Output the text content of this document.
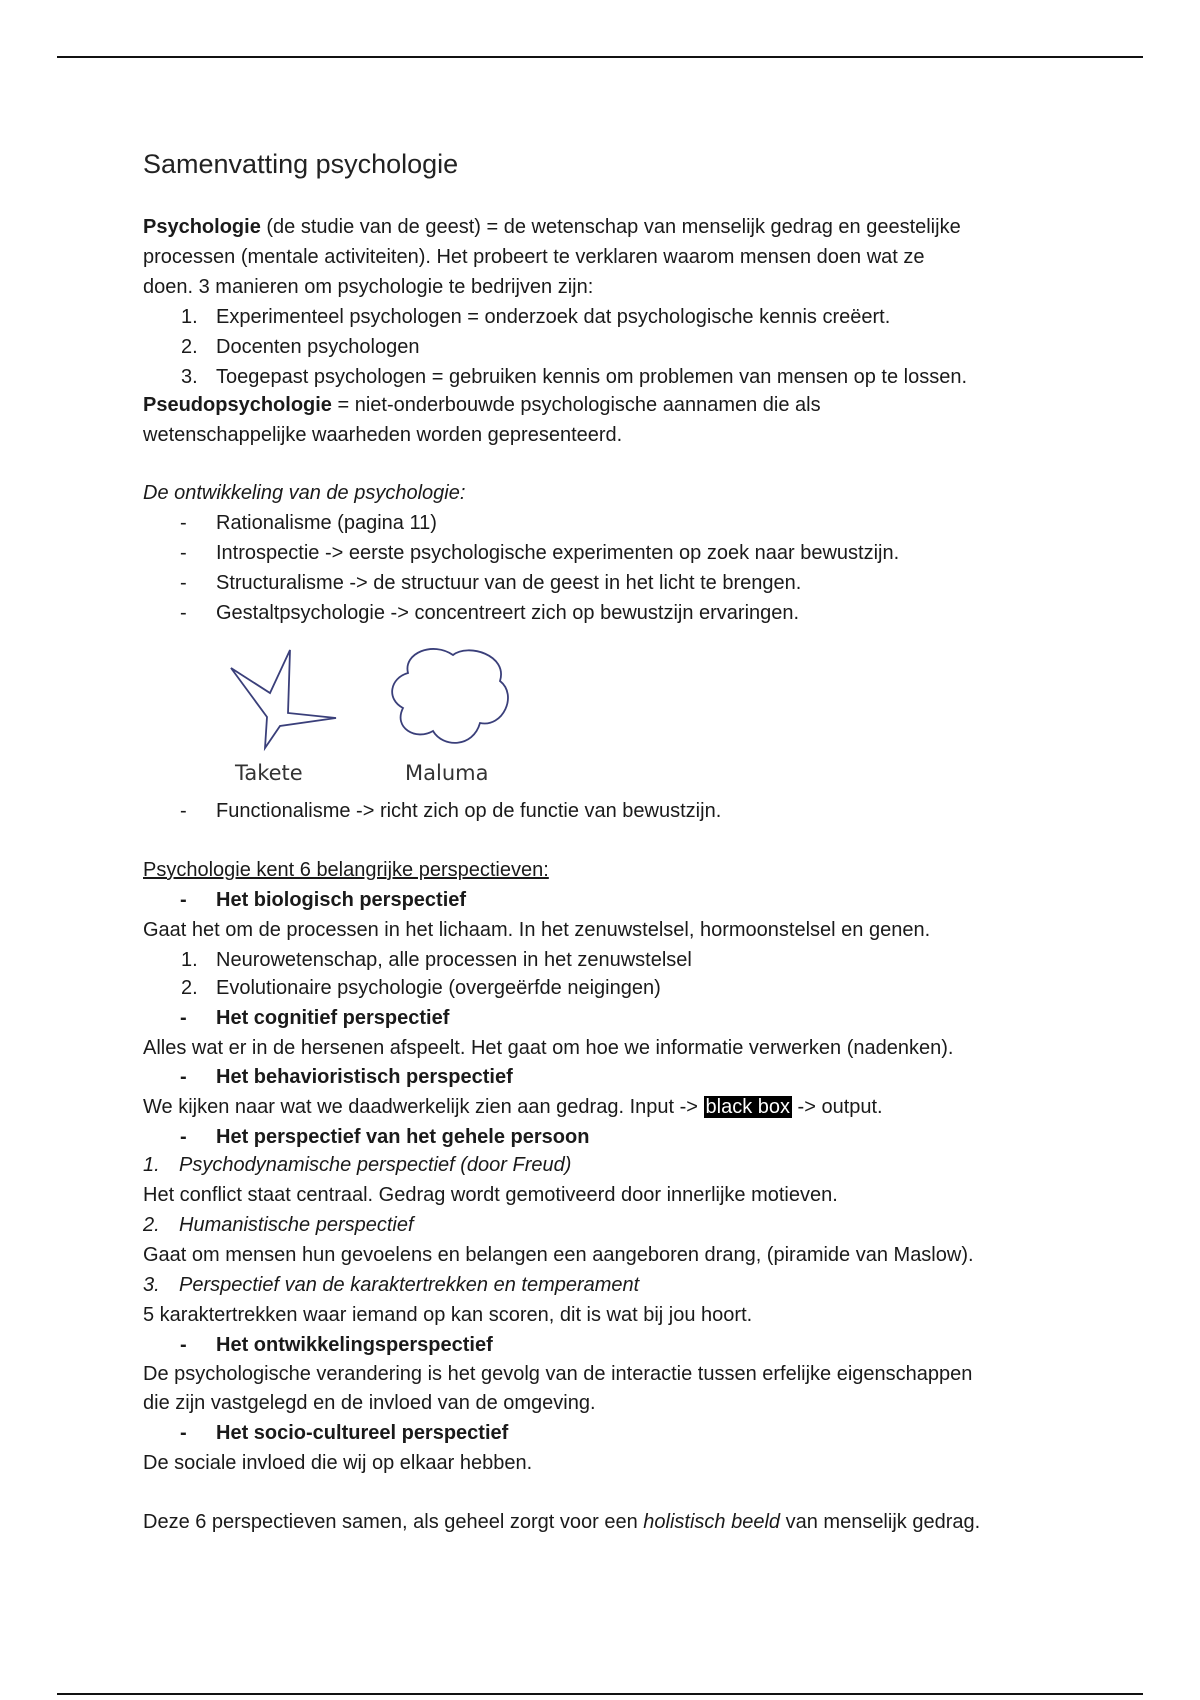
Samenvatting psychologie
Psychologie (de studie van de geest) = de wetenschap van menselijk gedrag en geestelijke
processen (mentale activiteiten). Het probeert te verklaren waarom mensen doen wat ze
doen. 3 manieren om psychologie te bedrijven zijn:
1. Experimenteel psychologen = onderzoek dat psychologische kennis creëert.
2. Docenten psychologen
3. Toegepast psychologen = gebruiken kennis om problemen van mensen op te lossen.
Pseudopsychologie = niet-onderbouwde psychologische aannamen die als
wetenschappelijke waarheden worden gepresenteerd.
De ontwikkeling van de psychologie:
- Rationalisme (pagina 11)
- Introspectie -> eerste psychologische experimenten op zoek naar bewustzijn.
- Structuralisme -> de structuur van de geest in het licht te brengen.
- Gestaltpsychologie -> concentreert zich op bewustzijn ervaringen.
Takete	Maluma
- Functionalisme -> richt zich op de functie van bewustzijn.
Psychologie kent 6 belangrijke perspectieven:
- Het biologisch perspectief
Gaat het om de processen in het lichaam. In het zenuwstelsel, hormoonstelsel en genen.
1. Neurowetenschap, alle processen in het zenuwstelsel
2. Evolutionaire psychologie (overgeërfde neigingen)
- Het cognitief perspectief
Alles wat er in de hersenen afspeelt. Het gaat om hoe we informatie verwerken (nadenken).
- Het behavioristisch perspectief
We kijken naar wat we daadwerkelijk zien aan gedrag. Input -> black box -> output.
- Het perspectief van het gehele persoon
1. Psychodynamische perspectief (door Freud)
Het conflict staat centraal. Gedrag wordt gemotiveerd door innerlijke motieven.
2. Humanistische perspectief
Gaat om mensen hun gevoelens en belangen een aangeboren drang, (piramide van Maslow).
3. Perspectief van de karaktertrekken en temperament
5 karaktertrekken waar iemand op kan scoren, dit is wat bij jou hoort.
- Het ontwikkelingsperspectief
De psychologische verandering is het gevolg van de interactie tussen erfelijke eigenschappen
die zijn vastgelegd en de invloed van de omgeving.
- Het socio-cultureel perspectief
De sociale invloed die wij op elkaar hebben.
Deze 6 perspectieven samen, als geheel zorgt voor een holistisch beeld van menselijk gedrag.
